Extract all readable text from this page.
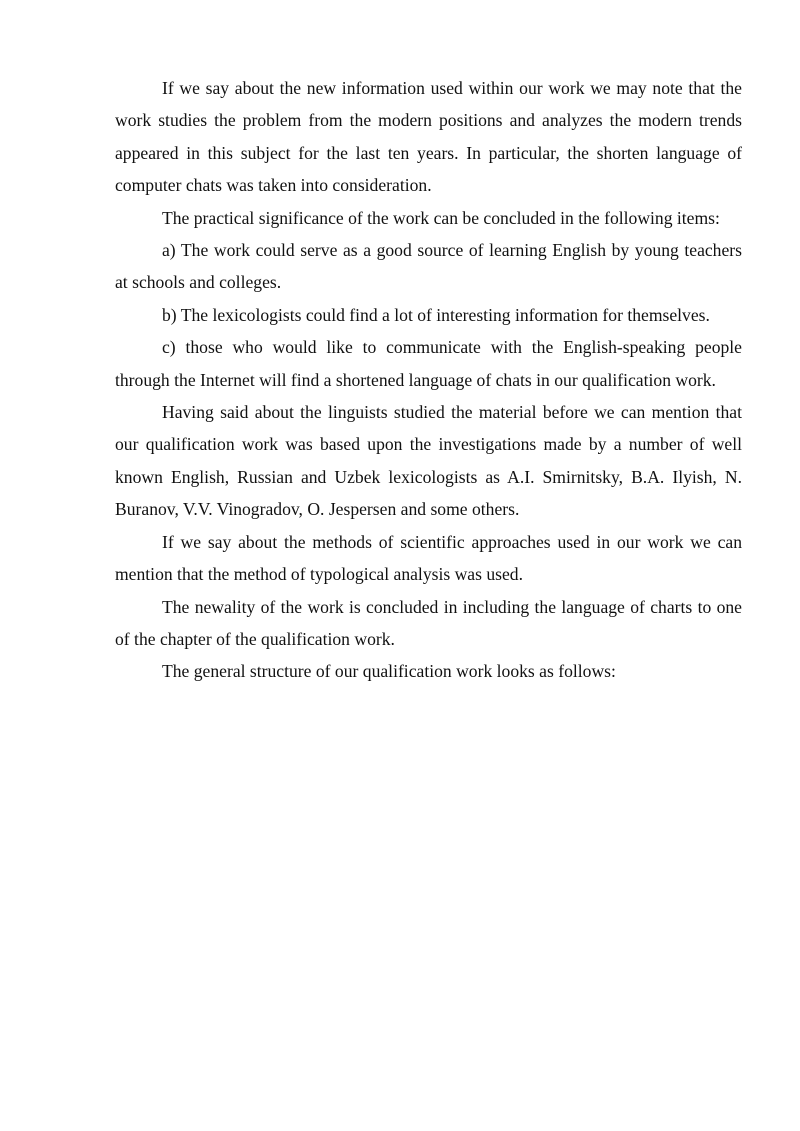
If we say about the new information used within our work we may note that the work studies the problem from the modern positions and analyzes the modern trends appeared in this subject for the last ten years. In particular, the shorten language of computer chats was taken into consideration.

The practical significance of the work can be concluded in the following items:

a) The work could serve as a good source of learning English by young teachers at schools and colleges.

b) The lexicologists could find a lot of interesting information for themselves.

c) those who would like to communicate with the English-speaking people through the Internet will find a shortened language of chats in our qualification work.

Having said about the linguists studied the material before we can mention that our qualification work was based upon the investigations made by a number of well known English, Russian and Uzbek lexicologists as A.I. Smirnitsky, B.A. Ilyish, N. Buranov, V.V. Vinogradov, O. Jespersen and some others.

If we say about the methods of scientific approaches used in our work we can mention that the method of typological analysis was used.

The newality of the work is concluded in including the language of charts to one of the chapter of the qualification work.

The general structure of our qualification work looks as follows:
